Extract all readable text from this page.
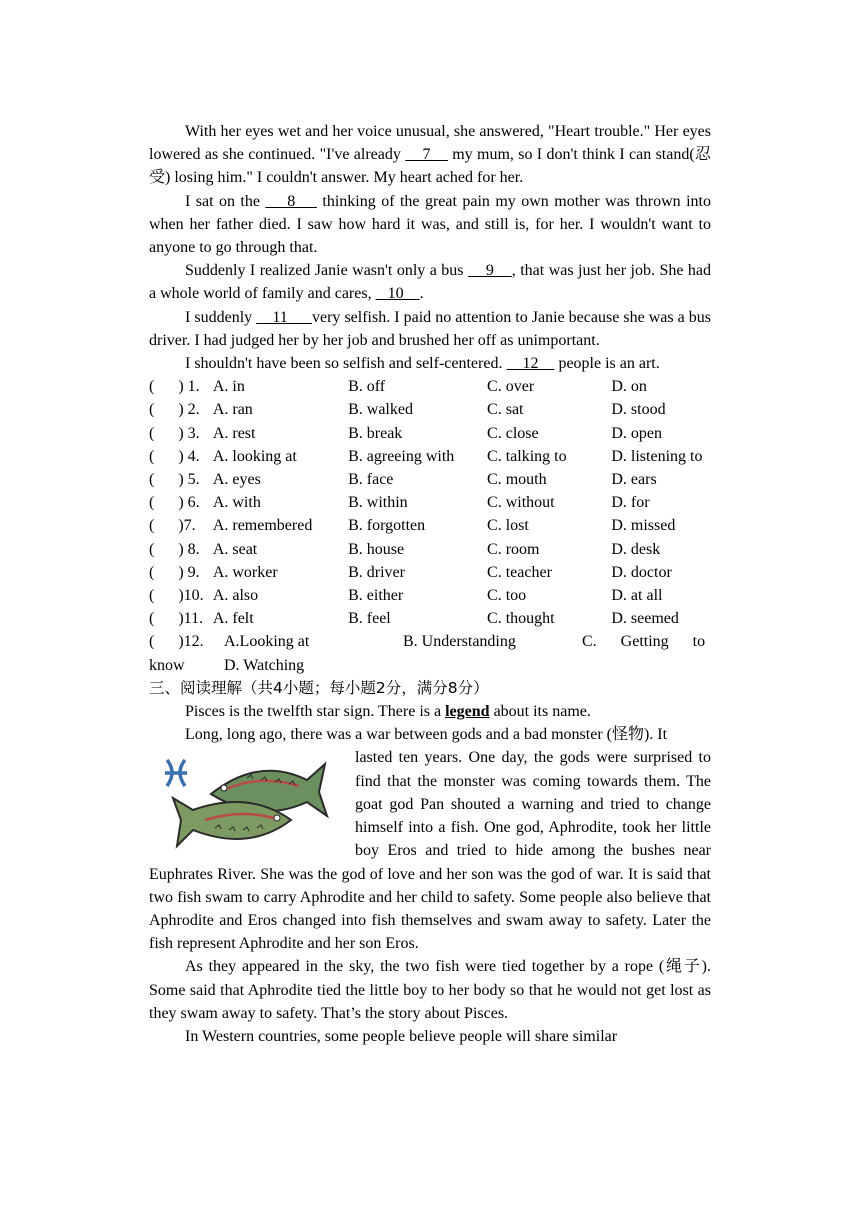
With her eyes wet and her voice unusual, she answered, "Heart trouble." Her eyes lowered as she continued. "I've already     7     my mum, so I don't think I can stand(忍受) losing him." I couldn't answer. My heart ached for her.

I sat on the     8     thinking of the great pain my own mother was thrown into when her father died. I saw how hard it was, and still is, for her. I wouldn't want to anyone to go through that.

Suddenly I realized Janie wasn't only a bus     9    , that was just her job. She had a whole world of family and cares,    10    .

I suddenly     11      very selfish. I paid no attention to Janie because she was a bus driver. I had judged her by her job and brushed her off as unimportant.

I shouldn't have been so selfish and self-centered.     12     people is an art.

(      ) 1.	A. in	B. off	C. over	D. on
(      ) 2.	A. ran	B. walked	C. sat	D. stood
(      ) 3.	A. rest	B. break	C. close	D. open
(      ) 4.	A. looking at	B. agreeing with	C. talking to	D. listening to
(      ) 5.	A. eyes	B. face	C. mouth	D. ears
(      ) 6.	A. with	B. within	C. without	D. for
(      )7.	A. remembered	B. forgotten	C. lost	D. missed
(      ) 8.	A. seat	B. house	C. room	D. desk
(      ) 9.	A. worker	B. driver	C. teacher	D. doctor
(      )10.	A. also	B. either	C. too	D. at all
(      )11.	A. felt	B. feel	C. thought	D. seemed
(      )12.	A.Looking at	B. Understanding	C.      Getting      to
know	D. Watching

三、阅读理解（共4小题；每小题2分，满分8分）

Pisces is the twelfth star sign. There is a legend about its name.

Long, long ago, there was a war between gods and a bad monster (怪物). It
lasted ten years. One day, the gods were surprised to find that the monster was coming towards them. The goat god Pan shouted a warning and tried to change himself into a fish. One god, Aphrodite, took her little boy Eros and tried to hide among the bushes near Euphrates River. She was the god of love and her son was the god of war. It is said that two fish swam to carry Aphrodite and her child to safety. Some people also believe that Aphrodite and Eros changed into fish themselves and swam away to safety. Later the fish represent Aphrodite and her son Eros.

As they appeared in the sky, the two fish were tied together by a rope (绳子). Some said that Aphrodite tied the little boy to her body so that he would not get lost as they swam away to safety. That’s the story about Pisces.

In Western countries, some people believe people will share similar
